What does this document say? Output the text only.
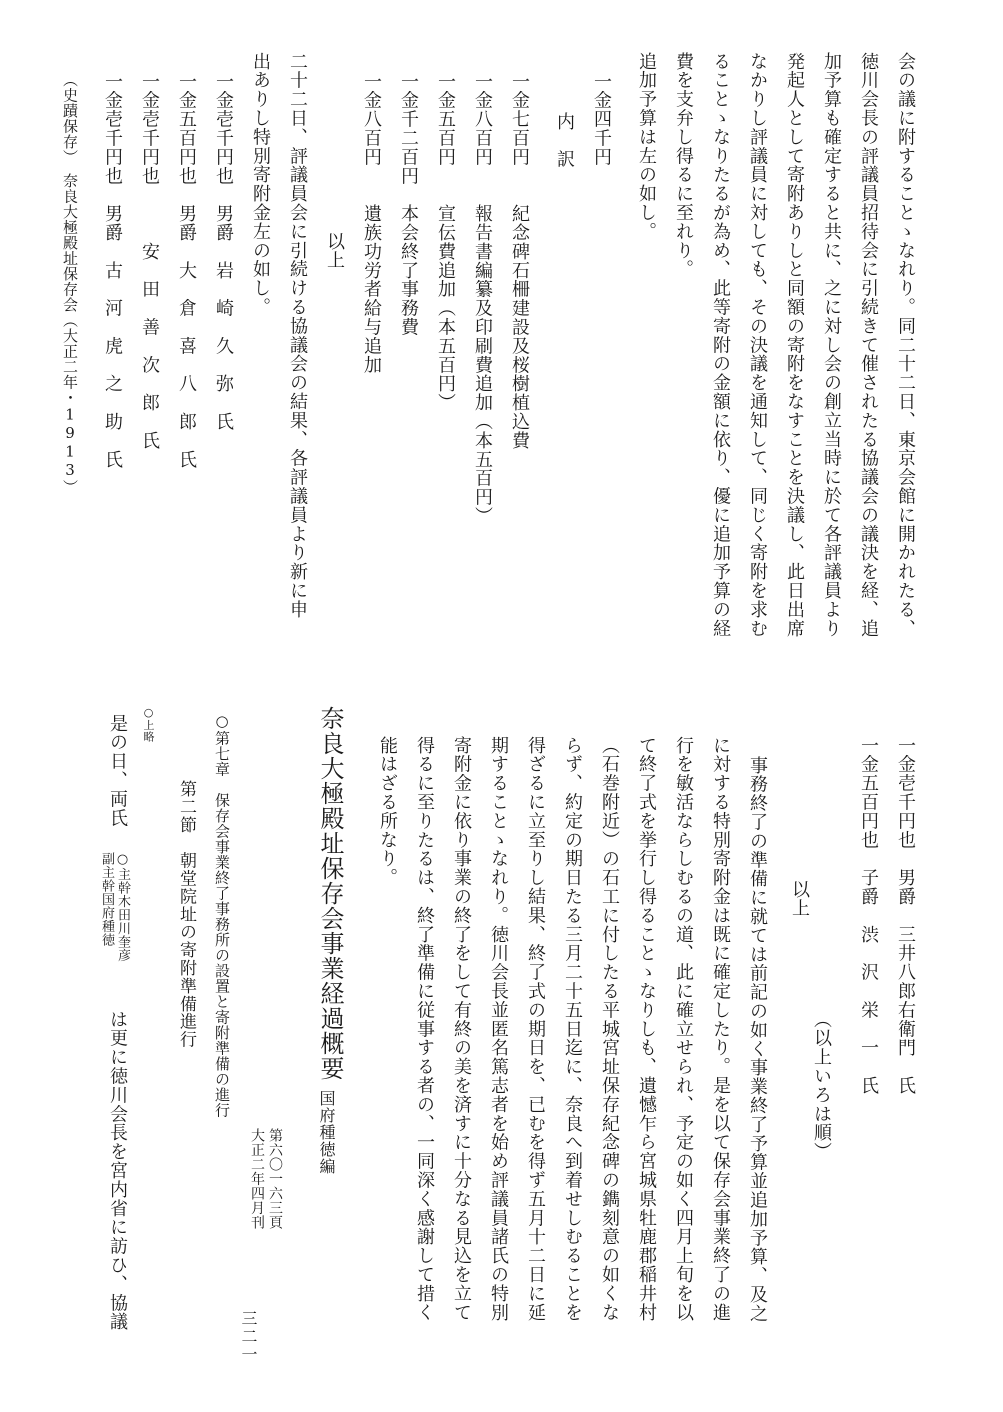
会の議に附することゝなれり。同二十二日、東京会館に開かれたる、
徳川会長の評議員招待会に引続きて催されたる協議会の議決を経、追
加予算も確定すると共に、之に対し会の創立当時に於て各評議員より
発起人として寄附ありしと同額の寄附をなすことを決議し、此日出席
なかりし評議員に対しても、その決議を通知して、同じく寄附を求む
ることゝなりたるが為め、此等寄附の金額に依り、優に追加予算の経
費を支弁し得るに至れり。
追加予算は左の如し。
一金四千円
内　訳
一金七百円　　紀念碑石柵建設及桜樹植込費
一金八百円　　報告書編纂及印刷費追加（本五百円）
一金五百円　　宣伝費追加（本五百円）
一金千二百円　本会終了事務費
一金八百円　　遺族功労者給与追加
以上
二十二日、評議員会に引続ける協議会の結果、各評議員より新に申
出ありし特別寄附金左の如し。
一金壱千円也　男爵　岩　崎　久　弥　氏
一金五百円也　男爵　大　倉　喜　八　郎　氏
一金壱千円也　　　安　田　善　次　郎　氏
一金壱千円也　男爵　古　河　虎　之　助　氏
（史蹟保存）　奈良大極殿址保存会（大正二年・1913）
一金壱千円也　男爵　三井八郎右衛門　氏
一金五百円也　子爵　渋　沢　栄　一　氏
以上
（以上いろは順）
事務終了の準備に就ては前記の如く事業終了予算並追加予算、及之
に対する特別寄附金は既に確定したり。是を以て保存会事業終了の進
行を敏活ならしむるの道、此に確立せられ、予定の如く四月上旬を以
て終了式を挙行し得ることゝなりしも、遺憾乍ら宮城県牡鹿郡稲井村
（石巻附近）の石工に付したる平城宮址保存紀念碑の鐫刻意の如くな
らず、約定の期日たる三月二十五日迄に、奈良へ到着せしむることを
得ざるに立至りし結果、終了式の期日を、已むを得ず五月十二日に延
期することゝなれり。徳川会長並匿名篤志者を始め評議員諸氏の特別
寄附金に依り事業の終了をして有終の美を済すに十分なる見込を立て
得るに至りたるは、終了準備に従事する者の、一同深く感謝して措く
能はざる所なり。
奈良大極殿址保存会事業経過概要
国府種徳編
第六〇一六三頁
大正二年四月刊
○第七章　保存会事業終了事務所の設置と寄附準備の進行
第二節　朝堂院址の寄附準備進行
○上略
是の日、両氏
○主幹木田川奎彦
副主幹国府種徳
は更に徳川会長を宮内省に訪ひ、協議
三二一
